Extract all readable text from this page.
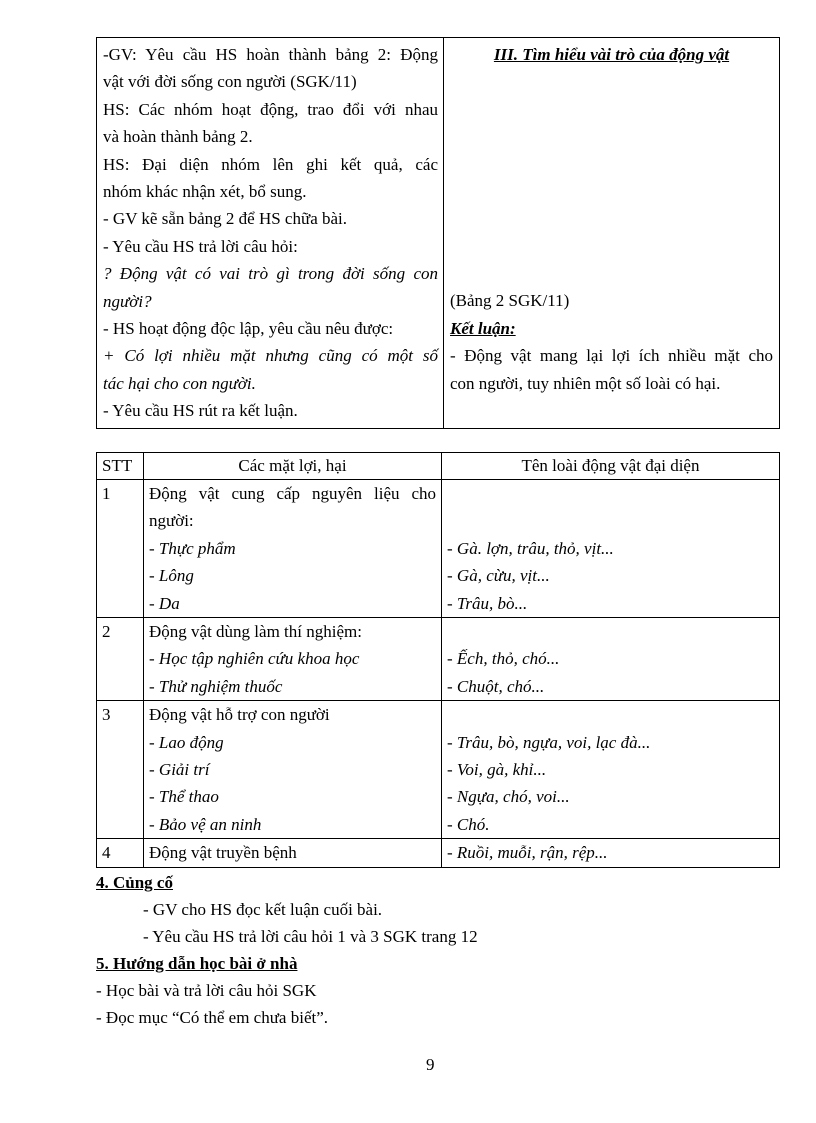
-GV: Yêu cầu HS hoàn thành bảng 2: Động
vật với đời sống con người (SGK/11)
HS: Các nhóm hoạt động, trao đổi với nhau
và hoàn thành bảng 2.
HS: Đại diện nhóm lên ghi kết quả, các
nhóm khác nhận xét, bổ sung.
- GV kẽ sẵn bảng 2 để HS chữa bài.
- Yêu cầu HS trả lời câu hỏi:
? Động vật có vai trò gì trong đời sống con
người?
- HS hoạt động độc lập, yêu cầu nêu được:
+ Có lợi nhiều mặt nhưng cũng có một số
tác hại cho con người.
- Yêu cầu HS rút ra kết luận.

III. Tìm hiểu vài trò của động vật
(Bảng 2 SGK/11)
Kết luận:
- Động vật mang lại lợi ích nhiều mặt cho
con người, tuy nhiên một số loài có hại.
STT	Các mặt lợi, hại	Tên loài động vật đại diện

1	Động vật cung cấp nguyên liệu cho
người:
- Thực phẩm
- Lông
- Da	- Gà. lợn, trâu, thỏ, vịt...
- Gà, cừu, vịt...
- Trâu, bò...

2	Động vật dùng làm thí nghiệm:
- Học tập nghiên cứu khoa học
- Thử nghiệm thuốc	- Ếch, thỏ, chó...
- Chuột, chó...

3	Động vật hỗ trợ con người
- Lao động
- Giải trí
- Thể thao
- Bảo vệ an ninh	- Trâu, bò, ngựa, voi, lạc đà...
- Voi, gà, khỉ...
- Ngựa, chó, voi...
- Chó.

4	Động vật truyền bệnh	- Ruồi, muỗi, rận, rệp...
4. Củng cố
- GV cho HS đọc kết luận cuối bài.
- Yêu cầu HS trả lời câu hỏi 1 và 3 SGK trang 12
5. Hướng dẫn học bài ở nhà
- Học bài và trả lời câu hỏi SGK
- Đọc mục “Có thể em chưa biết”.
9
